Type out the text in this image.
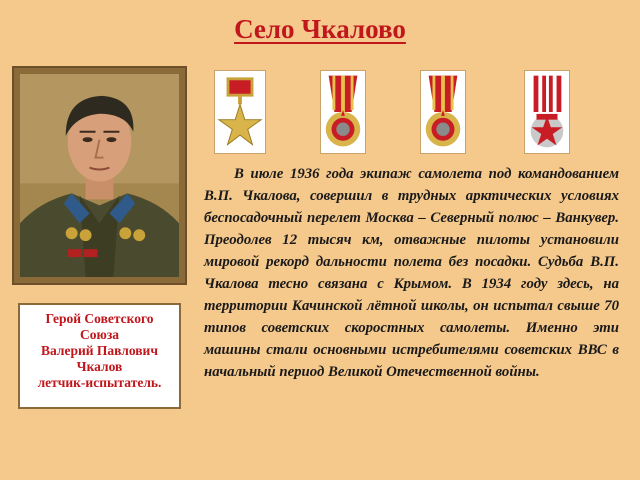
Село Чкалово
Герой Советского
Союза
Валерий Павлович
Чкалов
летчик-испытатель.

В июле 1936 года экипаж самолета под командованием В.П. Чкалова, совершил в трудных арктических условиях беспосадочный перелет Москва – Северный полюс – Ванкувер. Преодолев 12 тысяч км, отважные пилоты установили мировой рекорд дальности полета без посадки. Судьба В.П. Чкалова тесно связана с Крымом. В 1934 году здесь, на территории Качинской лётной школы, он испытал свыше 70 типов советских скоростных самолеты. Именно эти машины стали основными истребителями советских ВВС в начальный период Великой Отечественной войны.
